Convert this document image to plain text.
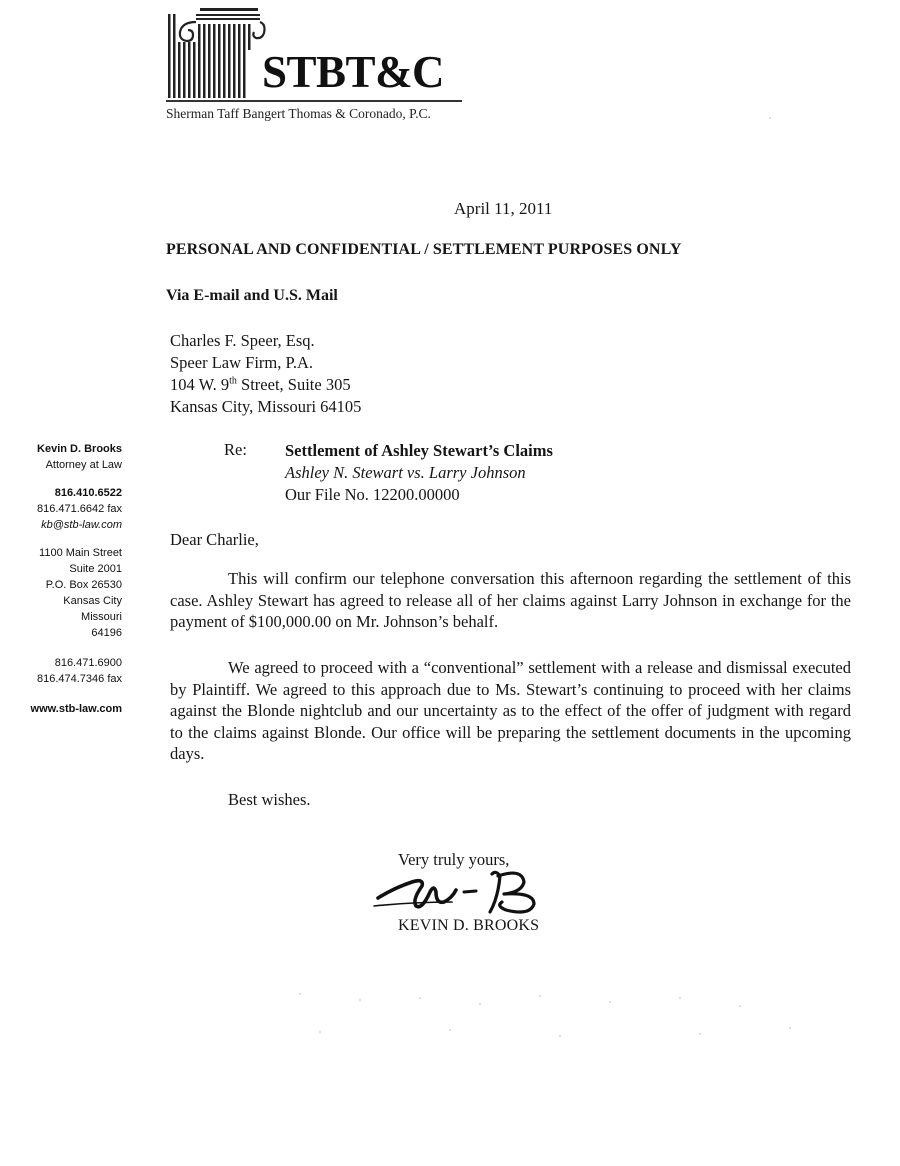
STBT&C
Sherman Taff Bangert Thomas & Coronado, P.C.
Kevin D. Brooks
Attorney at Law
816.410.6522
816.471.6642 fax
kb@stb-law.com
1100 Main Street
Suite 2001
P.O. Box 26530
Kansas City
Missouri
64196
816.471.6900
816.474.7346 fax
www.stb-law.com
April 11, 2011
PERSONAL AND CONFIDENTIAL / SETTLEMENT PURPOSES ONLY
Via E-mail and U.S. Mail
Charles F. Speer, Esq.
Speer Law Firm, P.A.
104 W. 9th Street, Suite 305
Kansas City, Missouri 64105
Re: Settlement of Ashley Stewart’s Claims
Ashley N. Stewart vs. Larry Johnson
Our File No. 12200.00000
Dear Charlie,
This will confirm our telephone conversation this afternoon regarding the settlement of this case. Ashley Stewart has agreed to release all of her claims against Larry Johnson in exchange for the payment of $100,000.00 on Mr. Johnson’s behalf.
We agreed to proceed with a “conventional” settlement with a release and dismissal executed by Plaintiff. We agreed to this approach due to Ms. Stewart’s continuing to proceed with her claims against the Blonde nightclub and our uncertainty as to the effect of the offer of judgment with regard to the claims against Blonde. Our office will be preparing the settlement documents in the upcoming days.
Best wishes.
Very truly yours,
KEVIN D. BROOKS
